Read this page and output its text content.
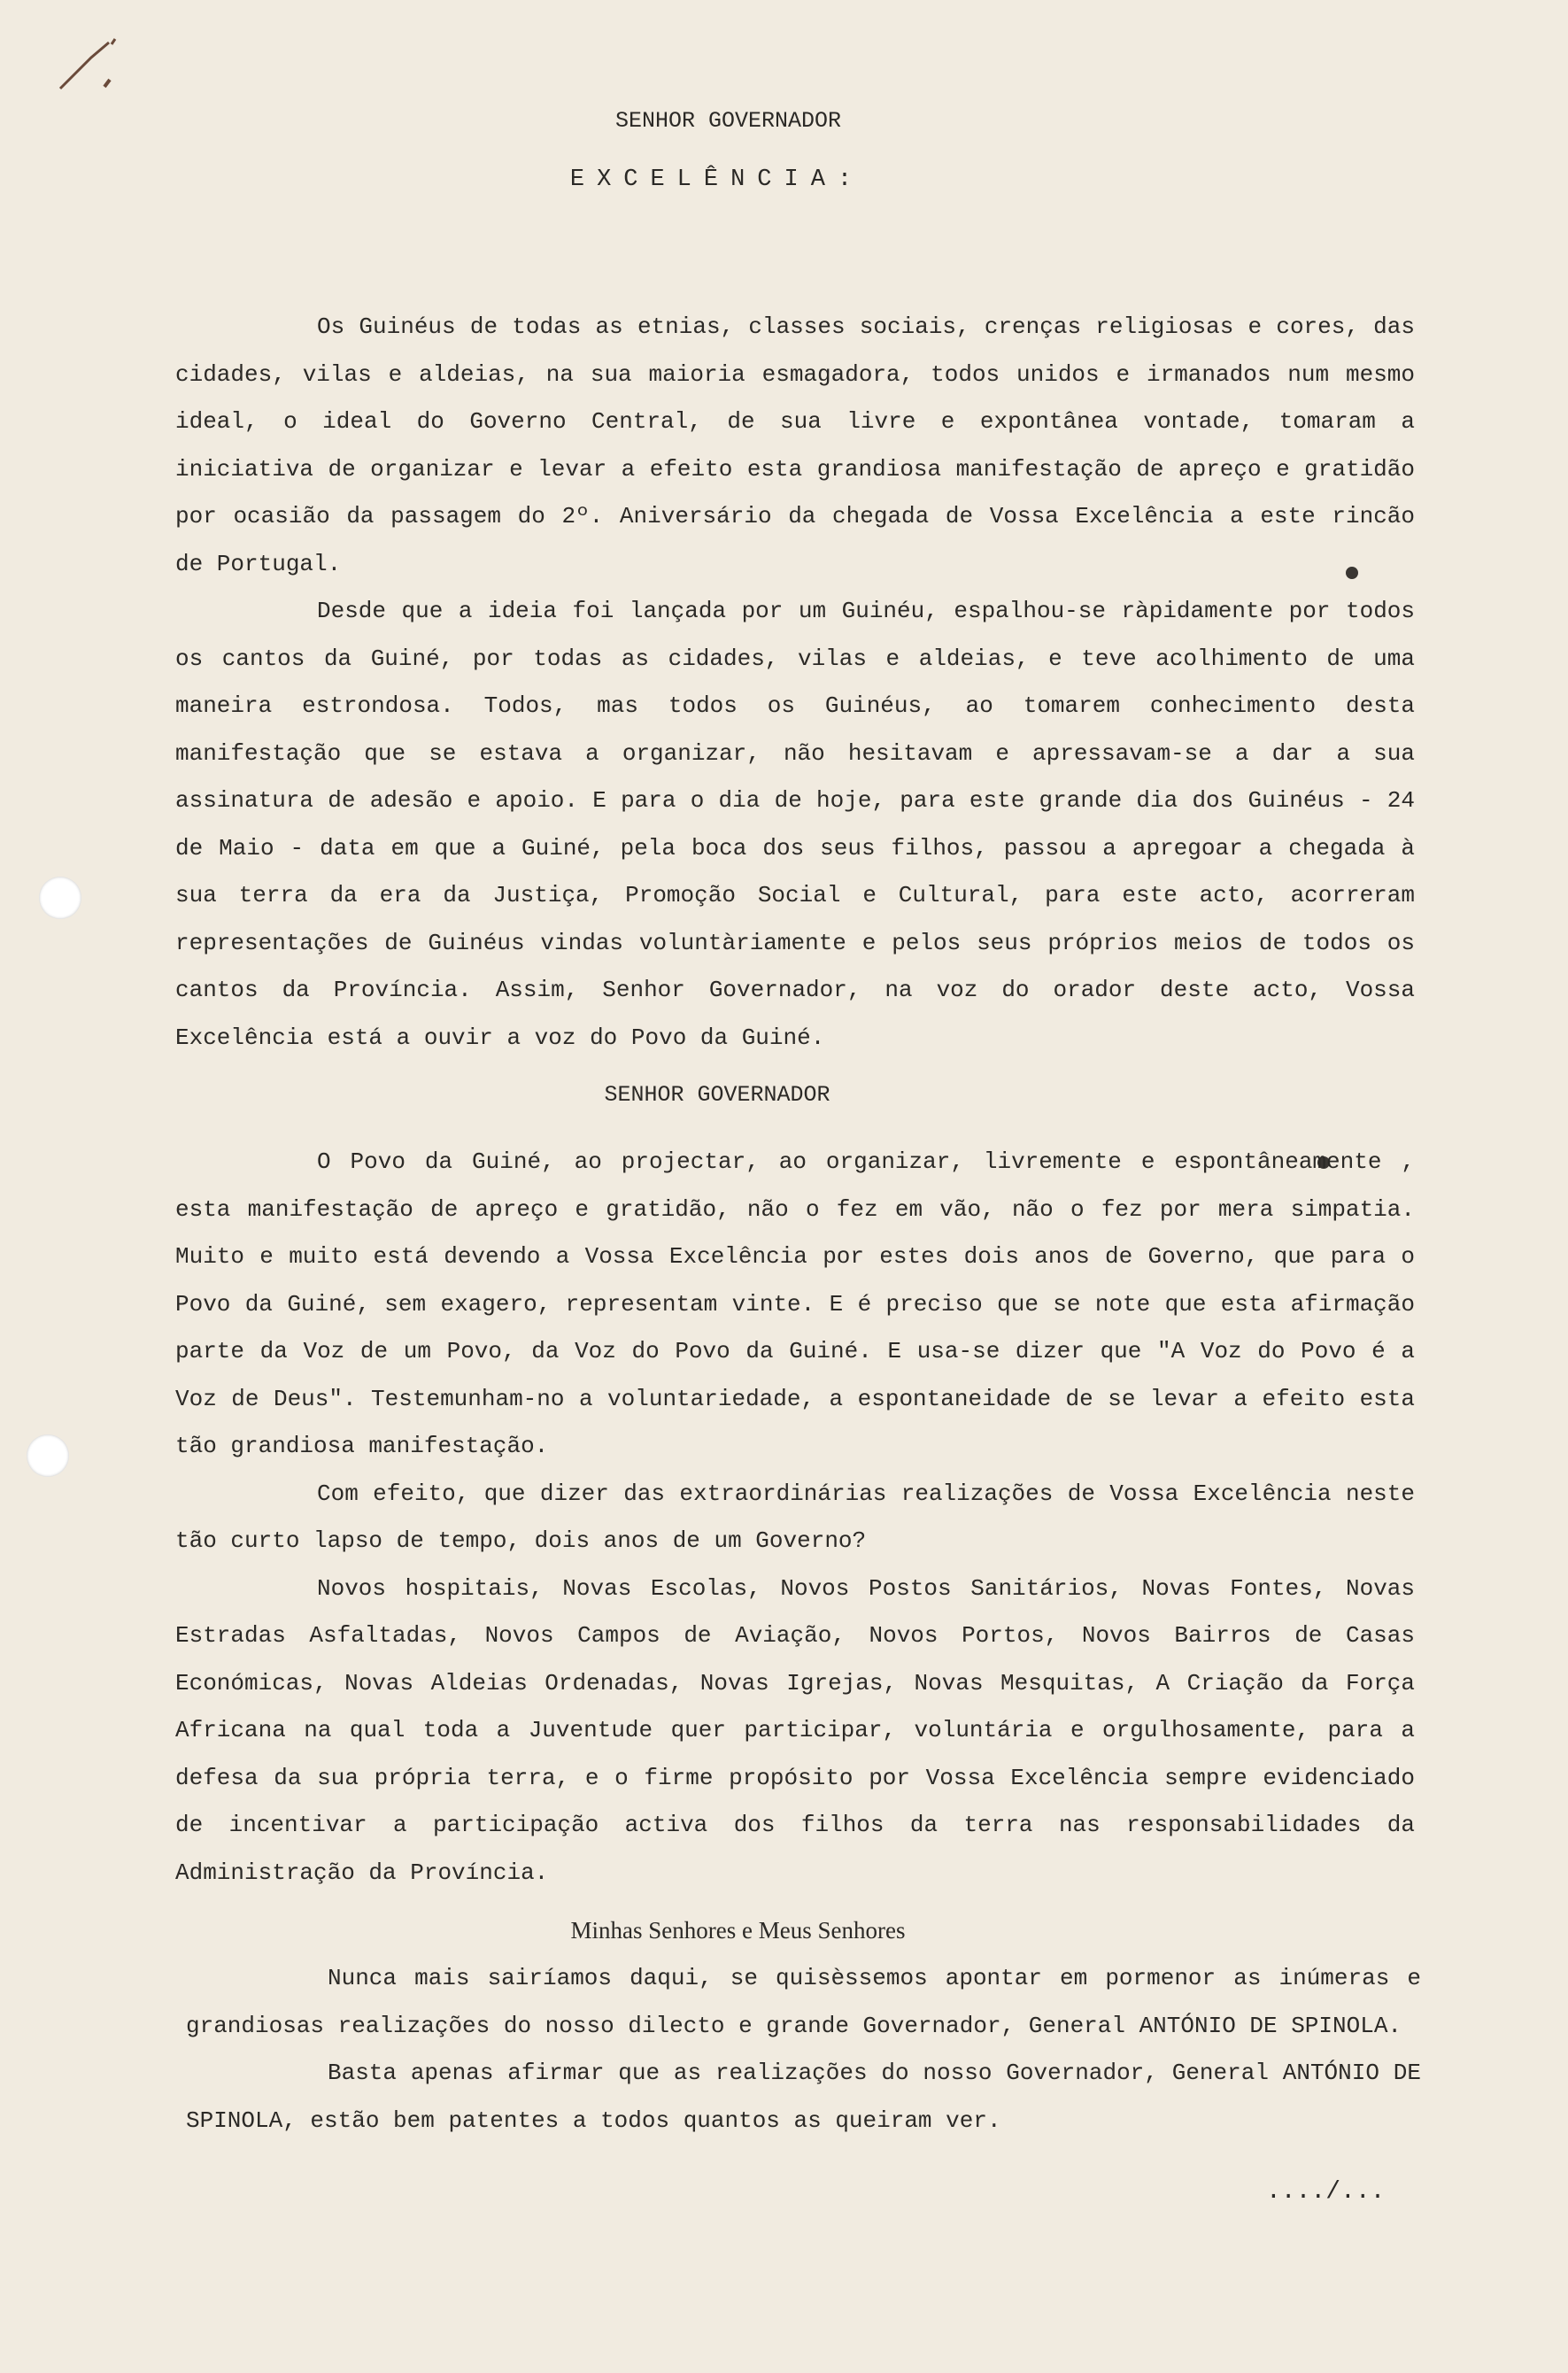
SENHOR GOVERNADOR
EXCELÊNCIA:

Os Guinéus de todas as etnias, classes sociais, crenças religiosas e cores, das cidades, vilas e aldeias, na sua maioria esmagadora, todos unidos e irmanados num mesmo ideal, o ideal do Governo Central, de sua livre e expontânea vontade, tomaram a iniciativa de organizar e levar a efeito esta grandiosa manifestação de apreço e gratidão por ocasião da passagem do 2º. Aniversário da chegada de Vossa Excelência a este rincão de Portugal.

Desde que a ideia foi lançada por um Guinéu, espalhou-se ràpidamente por todos os cantos da Guiné, por todas as cidades, vilas e aldeias, e teve acolhimento de uma maneira estrondosa. Todos, mas todos os Guinéus, ao tomarem conhecimento desta manifestação que se estava a organizar, não hesitavam e apressavam-se a dar a sua assinatura de adesão e apoio. E para o dia de hoje, para este grande dia dos Guinéus - 24 de Maio - data em que a Guiné, pela boca dos seus filhos, passou a apregoar a chegada à sua terra da era da Justiça, Promoção Social e Cultural, para este acto, acorreram representações de Guinéus vindas voluntàriamente e pelos seus próprios meios de todos os cantos da Província. Assim, Senhor Governador, na voz do orador deste acto, Vossa Excelência está a ouvir a voz do Povo da Guiné.

SENHOR GOVERNADOR

O Povo da Guiné, ao projectar, ao organizar, livremente e espontâneamente , esta manifestação de apreço e gratidão, não o fez em vão, não o fez por mera simpatia. Muito e muito está devendo a Vossa Excelência por estes dois anos de Governo, que para o Povo da Guiné, sem exagero, representam vinte. E é preciso que se note que esta afirmação parte da Voz de um Povo, da Voz do Povo da Guiné. E usa-se dizer que "A Voz do Povo é a Voz de Deus". Testemunham-no a voluntariedade, a espontaneidade de se levar a efeito esta tão grandiosa manifestação.

Com efeito, que dizer das extraordinárias realizações de Vossa Excelência neste tão curto lapso de tempo, dois anos de um Governo?

Novos hospitais, Novas Escolas, Novos Postos Sanitários, Novas Fontes, Novas Estradas Asfaltadas, Novos Campos de Aviação, Novos Portos, Novos Bairros de Casas Económicas, Novas Aldeias Ordenadas, Novas Igrejas, Novas Mesquitas, A Criação da Força Africana na qual toda a Juventude quer participar, voluntária e orgulhosamente, para a defesa da sua própria terra, e o firme propósito por Vossa Excelência sempre evidenciado de incentivar a participação activa dos filhos da terra nas responsabilidades da Administração da Província.

Minhas Senhores e Meus Senhores

Nunca mais sairíamos daqui, se quisèssemos apontar em pormenor as inúmeras e grandiosas realizações do nosso dilecto e grande Governador, General ANTÓNIO DE SPINOLA.

Basta apenas afirmar que as realizações do nosso Governador, General ANTÓNIO DE SPINOLA, estão bem patentes a todos quantos as queiram ver.

..../...
